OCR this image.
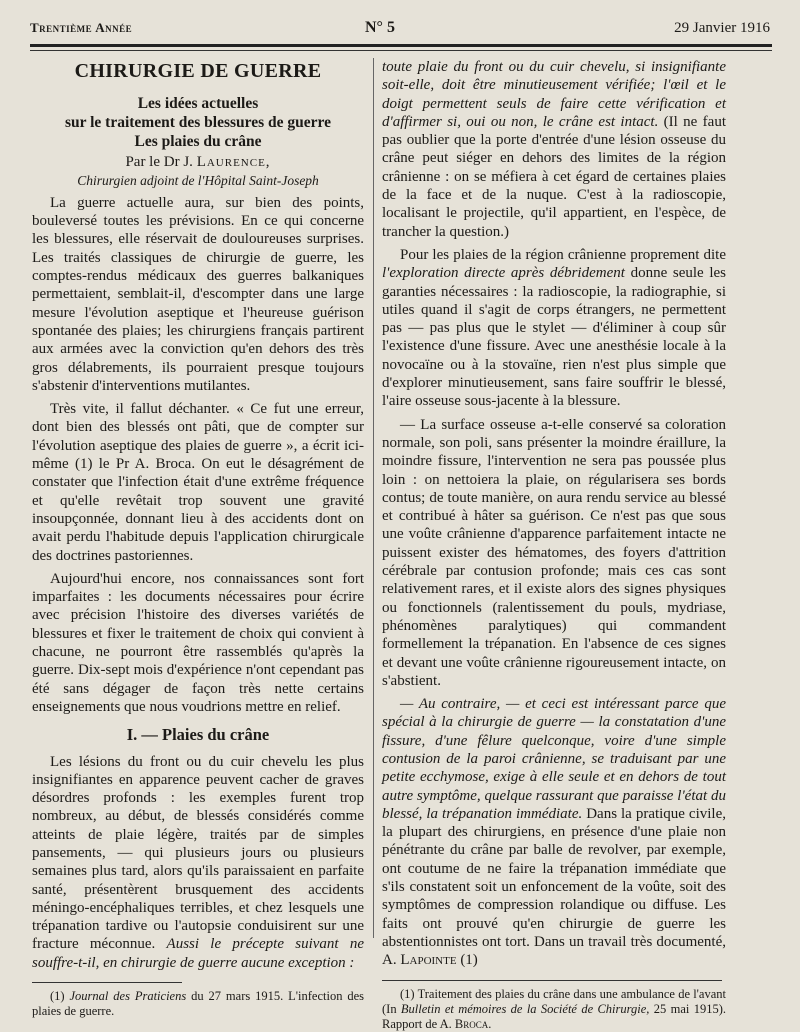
Trentième Année	N° 5	29 Janvier 1916
CHIRURGIE DE GUERRE
Les idées actuelles
sur le traitement des blessures de guerre
Les plaies du crâne
Par le Dr J. Laurence,
Chirurgien adjoint de l'Hôpital Saint-Joseph

La guerre actuelle aura, sur bien des points, bouleversé toutes les prévisions. En ce qui concerne les blessures, elle réservait de douloureuses surprises. Les traités classiques de chirurgie de guerre, les comptes-rendus médicaux des guerres balkaniques permettaient, semblait-il, d'escompter dans une large mesure l'évolution aseptique et l'heureuse guérison spontanée des plaies; les chirurgiens français partirent aux armées avec la conviction qu'en dehors des très gros délabrements, ils pourraient presque toujours s'abstenir d'interventions mutilantes.

Très vite, il fallut déchanter. « Ce fut une erreur, dont bien des blessés ont pâti, que de compter sur l'évolution aseptique des plaies de guerre », a écrit ici-même (1) le Pr A. Broca. On eut le désagrément de constater que l'infection était d'une extrême fréquence et qu'elle revêtait trop souvent une gravité insoupçonnée, donnant lieu à des accidents dont on avait perdu l'habitude depuis l'application chirurgicale des doctrines pastoriennes.

Aujourd'hui encore, nos connaissances sont fort imparfaites : les documents nécessaires pour écrire avec précision l'histoire des diverses variétés de blessures et fixer le traitement de choix qui convient à chacune, ne pourront être rassemblés qu'après la guerre. Dix-sept mois d'expérience n'ont cependant pas été sans dégager de façon très nette certains enseignements que nous voudrions mettre en relief.

I. — Plaies du crâne

Les lésions du front ou du cuir chevelu les plus insignifiantes en apparence peuvent cacher de graves désordres profonds : les exemples furent trop nombreux, au début, de blessés considérés comme atteints de plaie légère, traités par de simples pansements, — qui plusieurs jours ou plusieurs semaines plus tard, alors qu'ils paraissaient en parfaite santé, présentèrent brusquement des accidents méningo-encéphaliques terribles, et chez lesquels une trépanation tardive ou l'autopsie conduisirent sur une fracture méconnue. Aussi le précepte suivant ne souffre-t-il, en chirurgie de guerre aucune exception :

(1) Journal des Praticiens du 27 mars 1915. L'infection des plaies de guerre.

toute plaie du front ou du cuir chevelu, si insignifiante soit-elle, doit être minutieusement vérifiée; l'œil et le doigt permettent seuls de faire cette vérification et d'affirmer si, oui ou non, le crâne est intact. (Il ne faut pas oublier que la porte d'entrée d'une lésion osseuse du crâne peut siéger en dehors des limites de la région crânienne : on se méfiera à cet égard de certaines plaies de la face et de la nuque. C'est à la radioscopie, localisant le projectile, qu'il appartient, en l'espèce, de trancher la question.)

Pour les plaies de la région crânienne proprement dite l'exploration directe après débridement donne seule les garanties nécessaires : la radioscopie, la radiographie, si utiles quand il s'agit de corps étrangers, ne permettent pas — pas plus que le stylet — d'éliminer à coup sûr l'existence d'une fissure. Avec une anesthésie locale à la novocaïne ou à la stovaïne, rien n'est plus simple que d'explorer minutieusement, sans faire souffrir le blessé, l'aire osseuse sous-jacente à la blessure.

— La surface osseuse a-t-elle conservé sa coloration normale, son poli, sans présenter la moindre éraillure, la moindre fissure, l'intervention ne sera pas poussée plus loin : on nettoiera la plaie, on régularisera ses bords contus; de toute manière, on aura rendu service au blessé et contribué à hâter sa guérison. Ce n'est pas que sous une voûte crânienne d'apparence parfaitement intacte ne puissent exister des hématomes, des foyers d'attrition cérébrale par contusion profonde; mais ces cas sont relativement rares, et il existe alors des signes physiques ou fonctionnels (ralentissement du pouls, mydriase, phénomènes paralytiques) qui commandent formellement la trépanation. En l'absence de ces signes et devant une voûte crânienne rigoureusement intacte, on s'abstient.

— Au contraire, — et ceci est intéressant parce que spécial à la chirurgie de guerre — la constatation d'une fissure, d'une fêlure quelconque, voire d'une simple contusion de la paroi crânienne, se traduisant par une petite ecchymose, exige à elle seule et en dehors de tout autre symptôme, quelque rassurant que paraisse l'état du blessé, la trépanation immédiate. Dans la pratique civile, la plupart des chirurgiens, en présence d'une plaie non pénétrante du crâne par balle de revolver, par exemple, ont coutume de ne faire la trépanation immédiate que s'ils constatent soit un enfoncement de la voûte, soit des symptômes de compression rolandique ou diffuse. Les faits ont prouvé qu'en chirurgie de guerre les abstentionnistes ont tort. Dans un travail très documenté, A. Lapointe (1)

(1) Traitement des plaies du crâne dans une ambulance de l'avant (In Bulletin et mémoires de la Société de Chirurgie, 25 mai 1915). Rapport de A. Broca.
